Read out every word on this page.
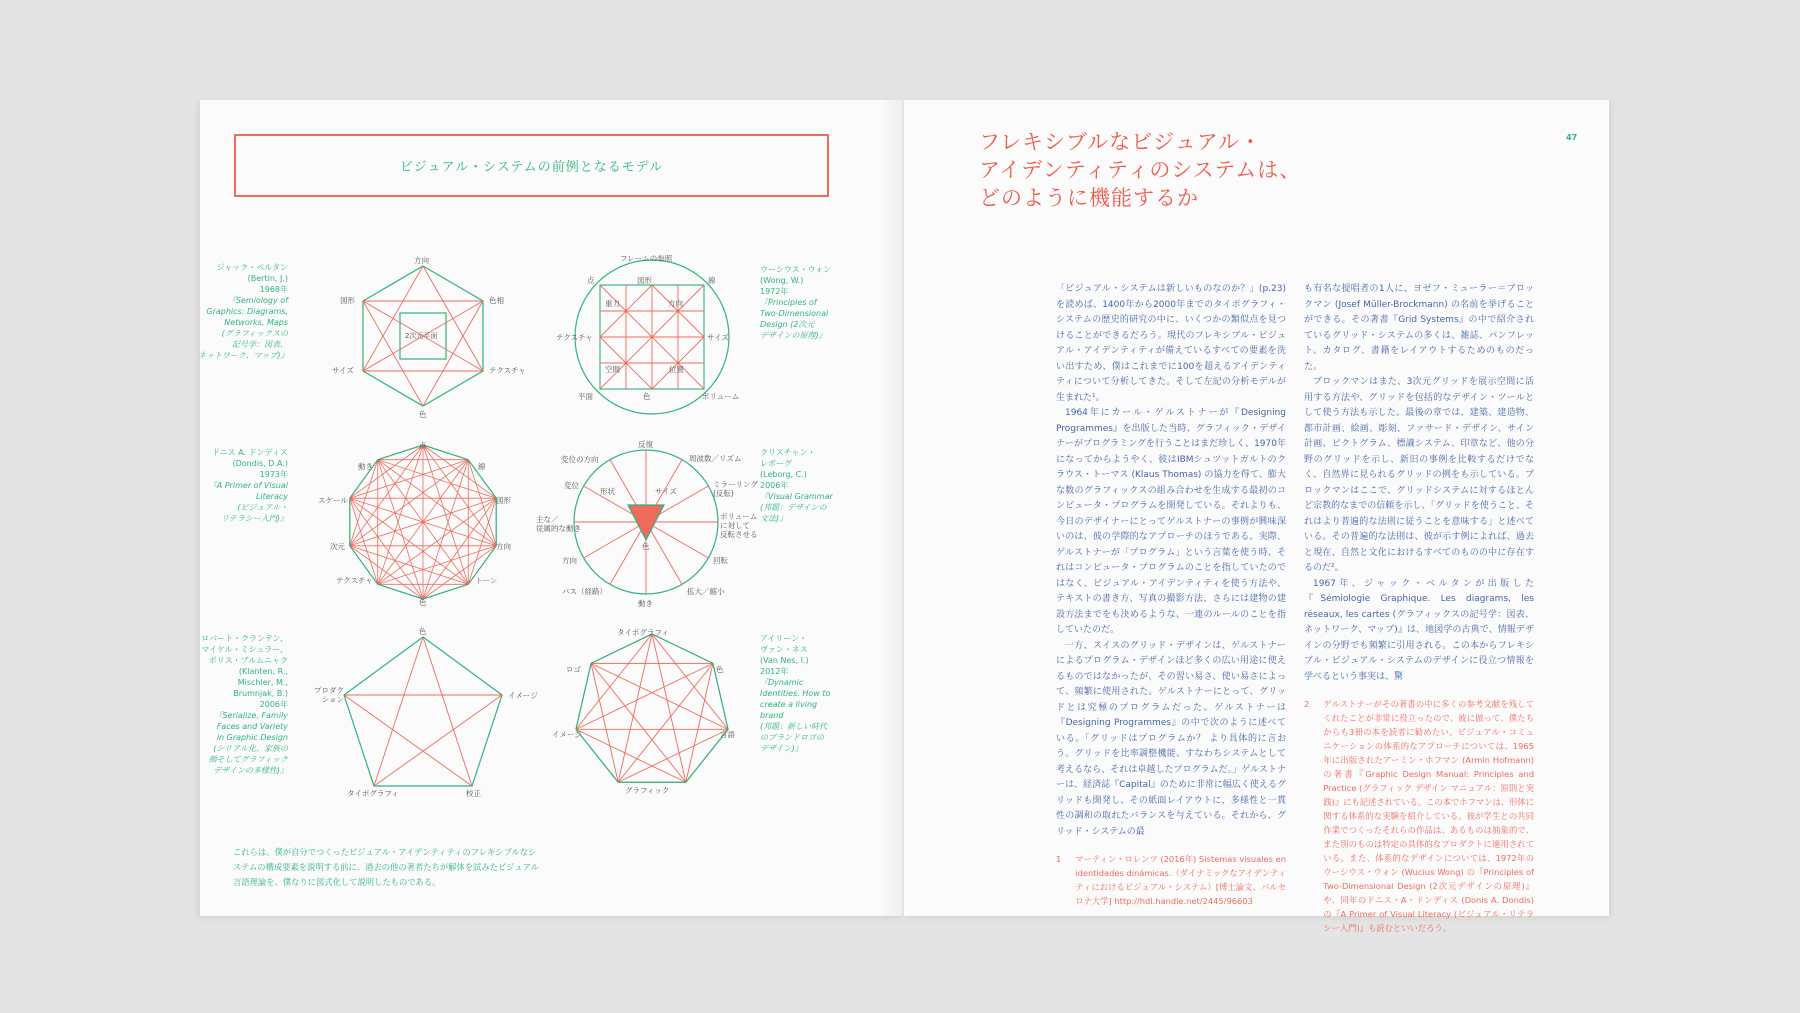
ビジュアル・システムの前例となるモデル
ジャック・ベルタン
(Bertin, J.)
1968年
『Semiology of
Graphics: Diagrams,
Networks, Maps
(グラフィックスの
記号学：図表、
ネットワーク、マップ)』
ウーシウス・ウォン
(Wong, W.)
1972年
『Principles of
Two-Dimensional
Design (2次元
デザインの原理)』
ドニス A. ドンディス
(Dondis, D.A.)
1973年
『A Primer of Visual
Literacy
(ビジュアル・
リテラシー入門)』
クリスチャン・
レボーグ
(Leborg, C.)
2006年
『Visual Grammar
(邦題：デザインの
文法)』
ロバート・クランテン、
マイケル・ミシュラー、
ボリス・ブルムニャク
(Klanten, R.,
Mischler, M.,
Brumnjak, B.)
2006年
『Serialize, Family
Faces and Variety
in Graphic Design
(シリアル化、家族の
顔そしてグラフィック
デザインの多様性)』
アイリーン・
ヴァン・ネス
(Van Nes, I.)
2012年
『Dynamic
Identities. How to
create a living
brand
(邦題：新しい時代
のブランドロゴの
デザイン)』
方向
色相
テクスチャ
色
サイズ
図形
2次元平面
フレームの参照
点	図形	線
重力	方向
テクスチャ	サイズ
空間	位置
平面	色	ボリューム
点
動き	線
スケール	図形
次元	方向
テクスチャ	トーン
色
反復
周波数／リズム
ミラーリング
(反転)
ボリューム
に対して
反転させる
回転
拡大／縮小
動き
パス（経路）
方向
主な／
従属的な動き
変位の方向
変位
形状	サイズ
色
色
イメージ
プロダク
ション
タイポグラフィ	校正
タイポグラフィ
色
言語
グラフィック
イメージ
ロゴ
これらは、僕が自分でつくったビジュアル・アイデンティティのフレキシブルなシステムの構成要素を説明する前に、過去の他の著者たちが解体を試みたビジュアル言語理論を、僕なりに図式化して説明したものである。
フレキシブルなビジュアル・
アイデンティティのシステムは、
どのように機能するか
47

「ビジュアル・システムは新しいものなのか？」(p.23) を読めば、1400年から2000年までのタイポグラフィ・システムの歴史的研究の中に、いくつかの類似点を見つけることができるだろう。現代のフレキシブル・ビジュアル・アイデンティティが備えているすべての要素を洗い出すため、僕はこれまでに100を超えるアイデンティティについて分析してきた。そして左記の分析モデルが生まれた¹。

1964年にカール・ゲルストナーが『Designing Programmes』を出版した当時、グラフィック・デザイナーがプログラミングを行うことはまだ珍しく、1970年になってからようやく、彼はIBMシュツットガルトのクラウス・トーマス (Klaus Thomas) の協力を得て、膨大な数のグラフィックスの組み合わせを生成する最初のコンピュータ・プログラムを開発している。それよりも、今日のデザイナーにとってゲルストナーの事例が興味深いのは、彼の学際的なアプローチのほうである。実際、ゲルストナーが「プログラム」という言葉を使う時、それはコンピュータ・プログラムのことを指していたのではなく、ビジュアル・アイデンティティを使う方法や、テキストの書き方、写真の撮影方法、さらには建物の建設方法までをも決めるような、一連のルールのことを指していたのだ。

一方、スイスのグリッド・デザインは、ゲルストナーによるプログラム・デザインほど多くの広い用途に使えるものではなかったが、その習い易さ、使い易さによって、頻繁に使用された。ゲルストナーにとって、グリッドとは究極のプログラムだった。ゲルストナーは『Designing Programmes』の中で次のように述べている。「グリッドはプログラムか？ より具体的に言おう。グリッドを比率調整機能、すなわちシステムとして考えるなら、それは卓越したプログラムだ。」ゲルストナーは、経済誌『Capital』のために非常に幅広く使えるグリッドも開発し、その紙面レイアウトに、多様性と一貫性の調和の取れたバランスを与えている。それから、グリッド・システムの最

1 マーティン・ロレンツ (2016年) Sistemas visuales en identidades dinámicas.（ダイナミックなアイデンティティにおけるビジュアル・システム）[博士論文、バルセロナ大学] http://hdl.handle.net/2445/96603

も有名な提唱者の1人に、ヨゼフ・ミューラー＝ブロックマン (Josef Müller-Brockmann) の名前を挙げることができる。その著書『Grid Systems』の中で紹介されているグリッド・システムの多くは、雑誌、パンフレット、カタログ、書籍をレイアウトするためのものだった。

ブロックマンはまた、3次元グリッドを展示空間に活用する方法や、グリッドを包括的なデザイン・ツールとして使う方法も示した。最後の章では、建築、建造物、都市計画、絵画、彫刻、ファサード・デザイン、サイン計画、ピクトグラム、標識システム、印章など、他の分野のグリッドを示し、新旧の事例を比較するだけでなく、自然界に見られるグリッドの例をも示している。ブロックマンはここで、グリッドシステムに対するほとんど宗教的なまでの信頼を示し、「グリッドを使うこと、それはより普遍的な法則に従うことを意味する」と述べている。その普遍的な法則は、彼が示す例によれば、過去と現在、自然と文化におけるすべてのものの中に存在するのだ²。

1967年、ジャック・ベルタンが出版した『Sémiologie Graphique. Les diagrams, les réseaux, les cartes (グラフィックスの記号学：図表、ネットワーク、マップ)』は、地図学の古典で、情報デザインの分野でも頻繁に引用される。この本からフレキシブル・ビジュアル・システムのデザインに役立つ情報を学べるという事実は、驚

2 ゲルストナーがその著書の中に多くの参考文献を残してくれたことが非常に役立ったので、彼に倣って、僕たちからも3冊の本を読者に勧めたい。ビジュアル・コミュニケーションの体系的なアプローチについては、1965年に出版されたアーミン・ホフマン (Armin Hofmann) の著書『Graphic Design Manual: Principles and Practice (グラフィック デザイン マニュアル：原則と実践)』にも記述されている。この本でホフマンは、形体に関する体系的な実験を紹介している。彼が学生との共同作業でつくったそれらの作品は、あるものは抽象的で、また別のものは特定の具体的なプロダクトに適用されている。また、体系的なデザインについては、1972年のウーシウス・ウォン (Wucius Wong) の『Principles of Two-Dimensional Design (2次元デザインの原理)』や、同年のドニス・A・ドンディス (Donis A. Dondis) の『A Primer of Visual Literacy (ビジュアル・リテラシー入門)』も読むといいだろう。
